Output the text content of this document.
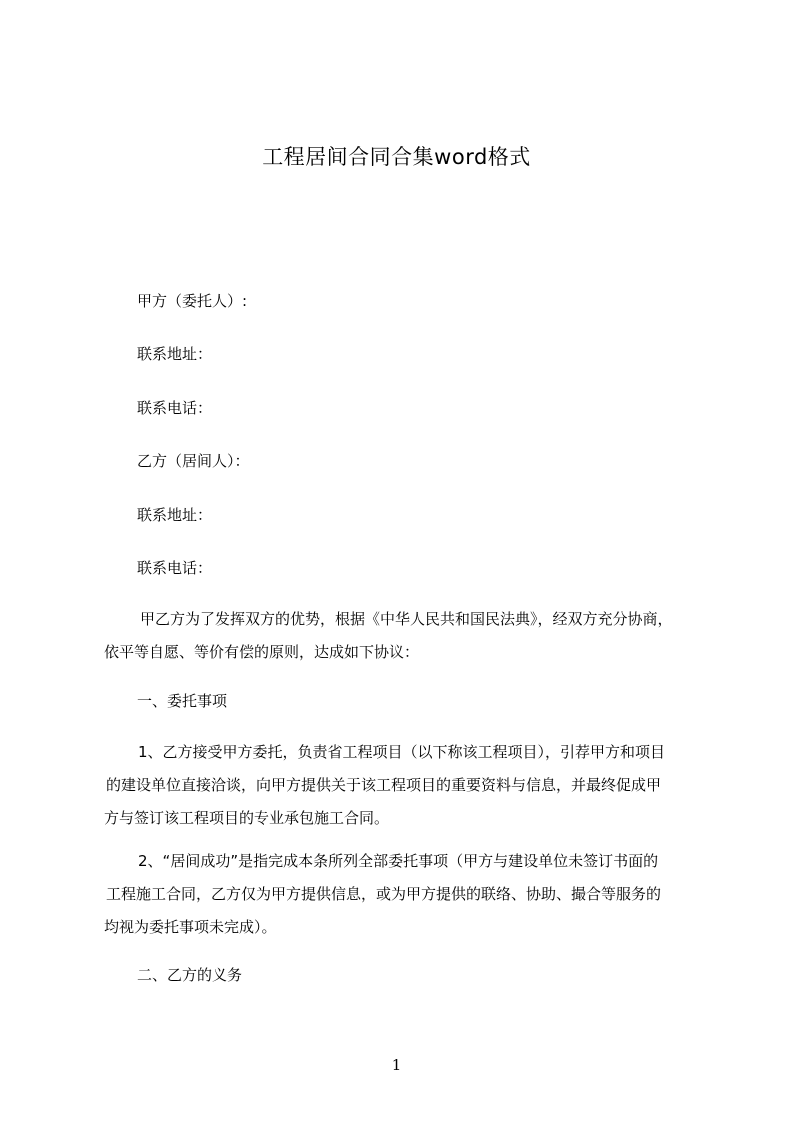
工程居间合同合集word格式
甲方（委托人）:
联系地址：
联系电话：
乙方（居间人）：
联系地址：
联系电话：
甲乙方为了发挥双方的优势，根据《中华人民共和国民法典》，经双方充分协商，
依平等自愿、等价有偿的原则，达成如下协议：
一、委托事项
1、乙方接受甲方委托，负责省工程项目（以下称该工程项目），引荐甲方和项目
的建设单位直接洽谈，向甲方提供关于该工程项目的重要资料与信息，并最终促成甲
方与签订该工程项目的专业承包施工合同。
2、“居间成功”是指完成本条所列全部委托事项（甲方与建设单位未签订书面的
工程施工合同，乙方仅为甲方提供信息，或为甲方提供的联络、协助、撮合等服务的
均视为委托事项未完成）。
二、乙方的义务
1
